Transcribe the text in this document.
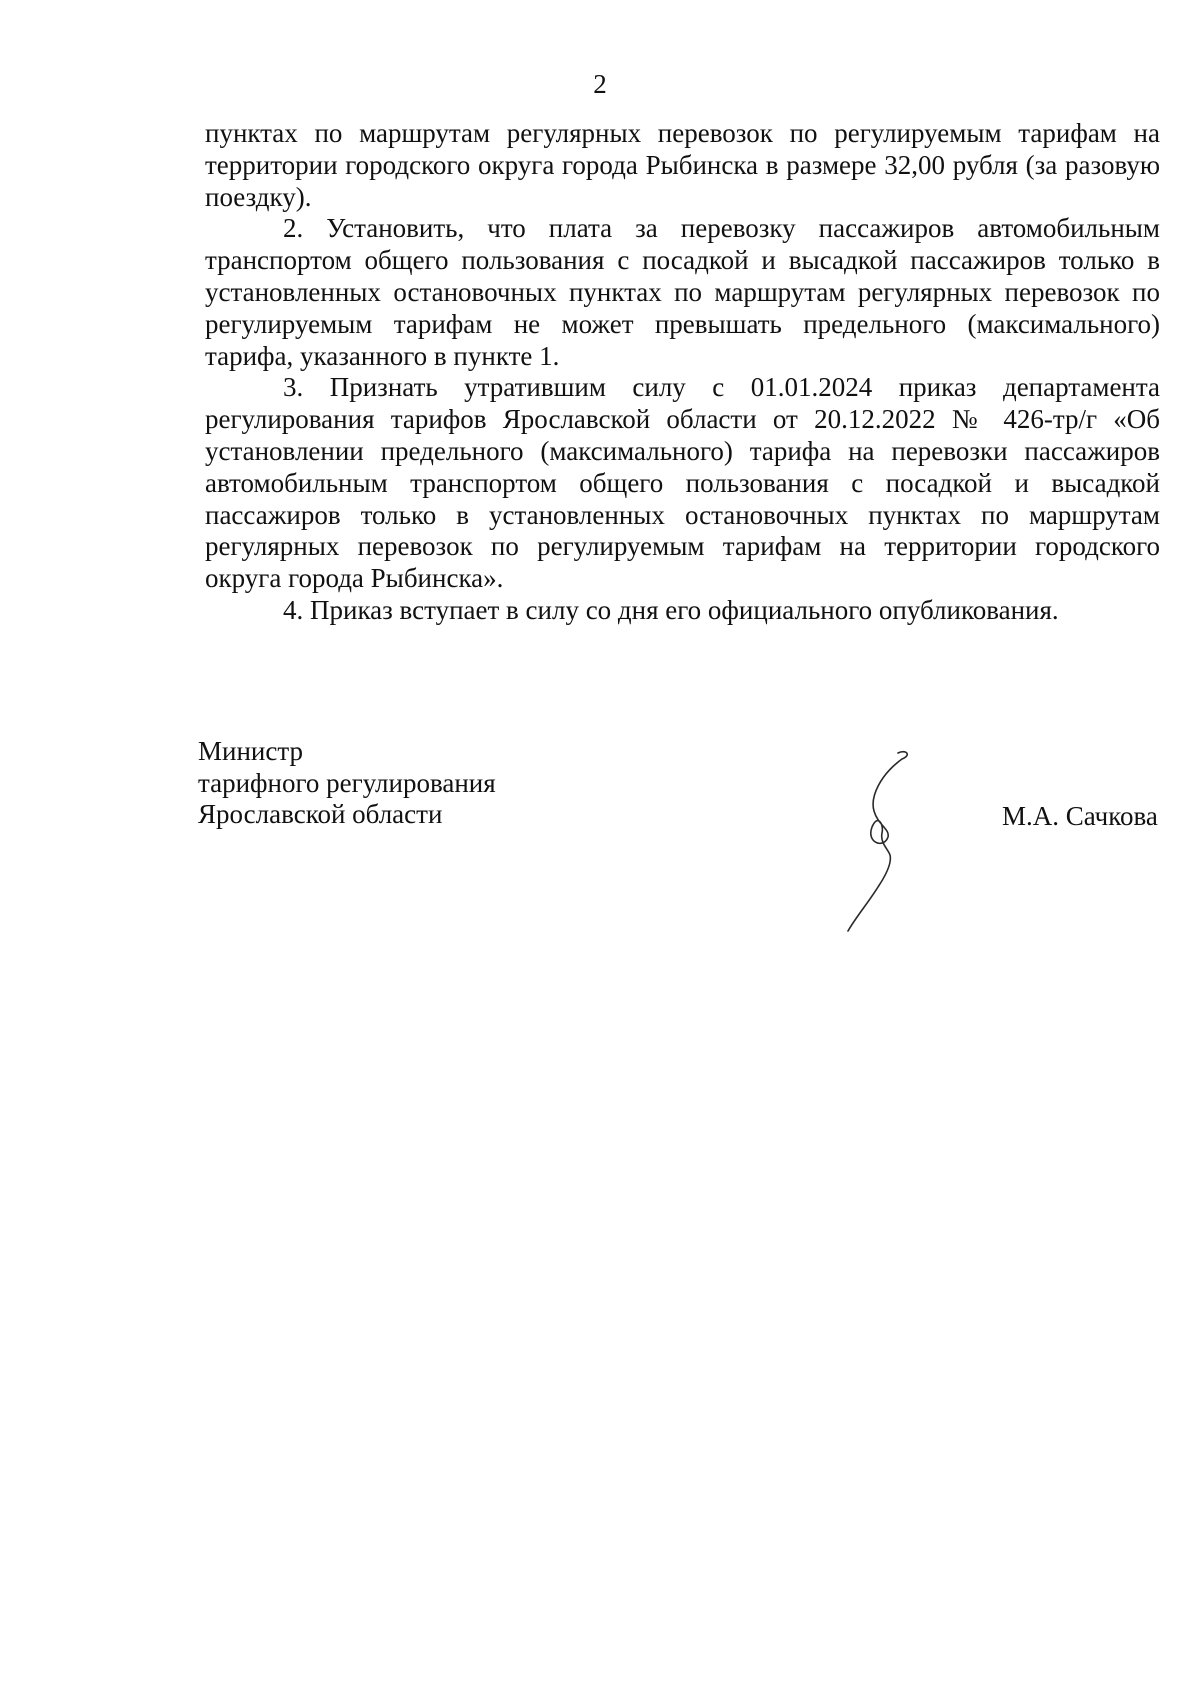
2

пунктах по маршрутам регулярных перевозок по регулируемым тарифам на территории городского округа города Рыбинска в размере 32,00 рубля (за разовую поездку).

2. Установить, что плата за перевозку пассажиров автомобильным транспортом общего пользования с посадкой и высадкой пассажиров только в установленных остановочных пунктах по маршрутам регулярных перевозок по регулируемым тарифам не может превышать предельного (максимального) тарифа, указанного в пункте 1.

3. Признать утратившим силу с 01.01.2024 приказ департамента регулирования тарифов Ярославской области от 20.12.2022 № 426-тр/г «Об установлении предельного (максимального) тарифа на перевозки пассажиров автомобильным транспортом общего пользования с посадкой и высадкой пассажиров только в установленных остановочных пунктах по маршрутам регулярных перевозок по регулируемым тарифам на территории городского округа города Рыбинска».

4. Приказ вступает в силу со дня его официального опубликования.

Министр
тарифного регулирования
Ярославской области	М.А. Сачкова
